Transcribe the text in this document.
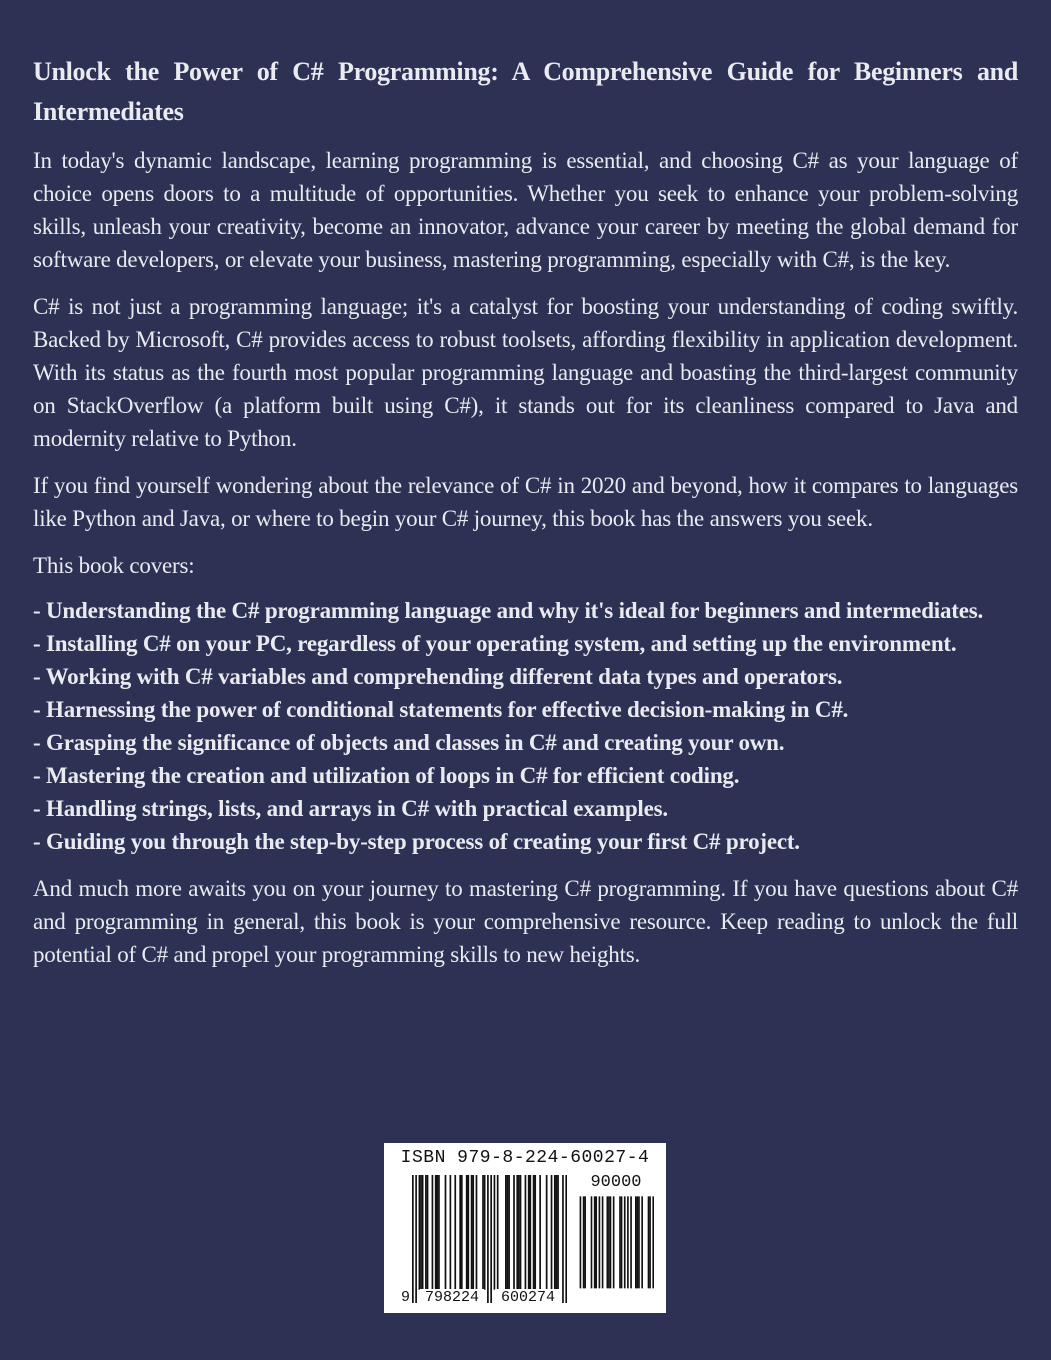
Unlock the Power of C# Programming: A Comprehensive Guide for Beginners and Intermediates

In today's dynamic landscape, learning programming is essential, and choosing C# as your language of choice opens doors to a multitude of opportunities. Whether you seek to enhance your problem-solving skills, unleash your creativity, become an innovator, advance your career by meeting the global demand for software developers, or elevate your business, mastering programming, especially with C#, is the key.

C# is not just a programming language; it's a catalyst for boosting your understanding of coding swiftly. Backed by Microsoft, C# provides access to robust toolsets, affording flexibility in application development. With its status as the fourth most popular programming language and boasting the third-largest community on StackOverflow (a platform built using C#), it stands out for its cleanliness compared to Java and modernity relative to Python.

If you find yourself wondering about the relevance of C# in 2020 and beyond, how it compares to languages like Python and Java, or where to begin your C# journey, this book has the answers you seek.

This book covers:

- Understanding the C# programming language and why it's ideal for beginners and intermediates.

- Installing C# on your PC, regardless of your operating system, and setting up the environment.

- Working with C# variables and comprehending different data types and operators.

- Harnessing the power of conditional statements for effective decision-making in C#.

- Grasping the significance of objects and classes in C# and creating your own.

- Mastering the creation and utilization of loops in C# for efficient coding.

- Handling strings, lists, and arrays in C# with practical examples.

- Guiding you through the step-by-step process of creating your first C# project.

And much more awaits you on your journey to mastering C# programming. If you have questions about C# and programming in general, this book is your comprehensive resource. Keep reading to unlock the full potential of C# and propel your programming skills to new heights.

ISBN 979-8-224-60027-4
9 798224	600274
90000
